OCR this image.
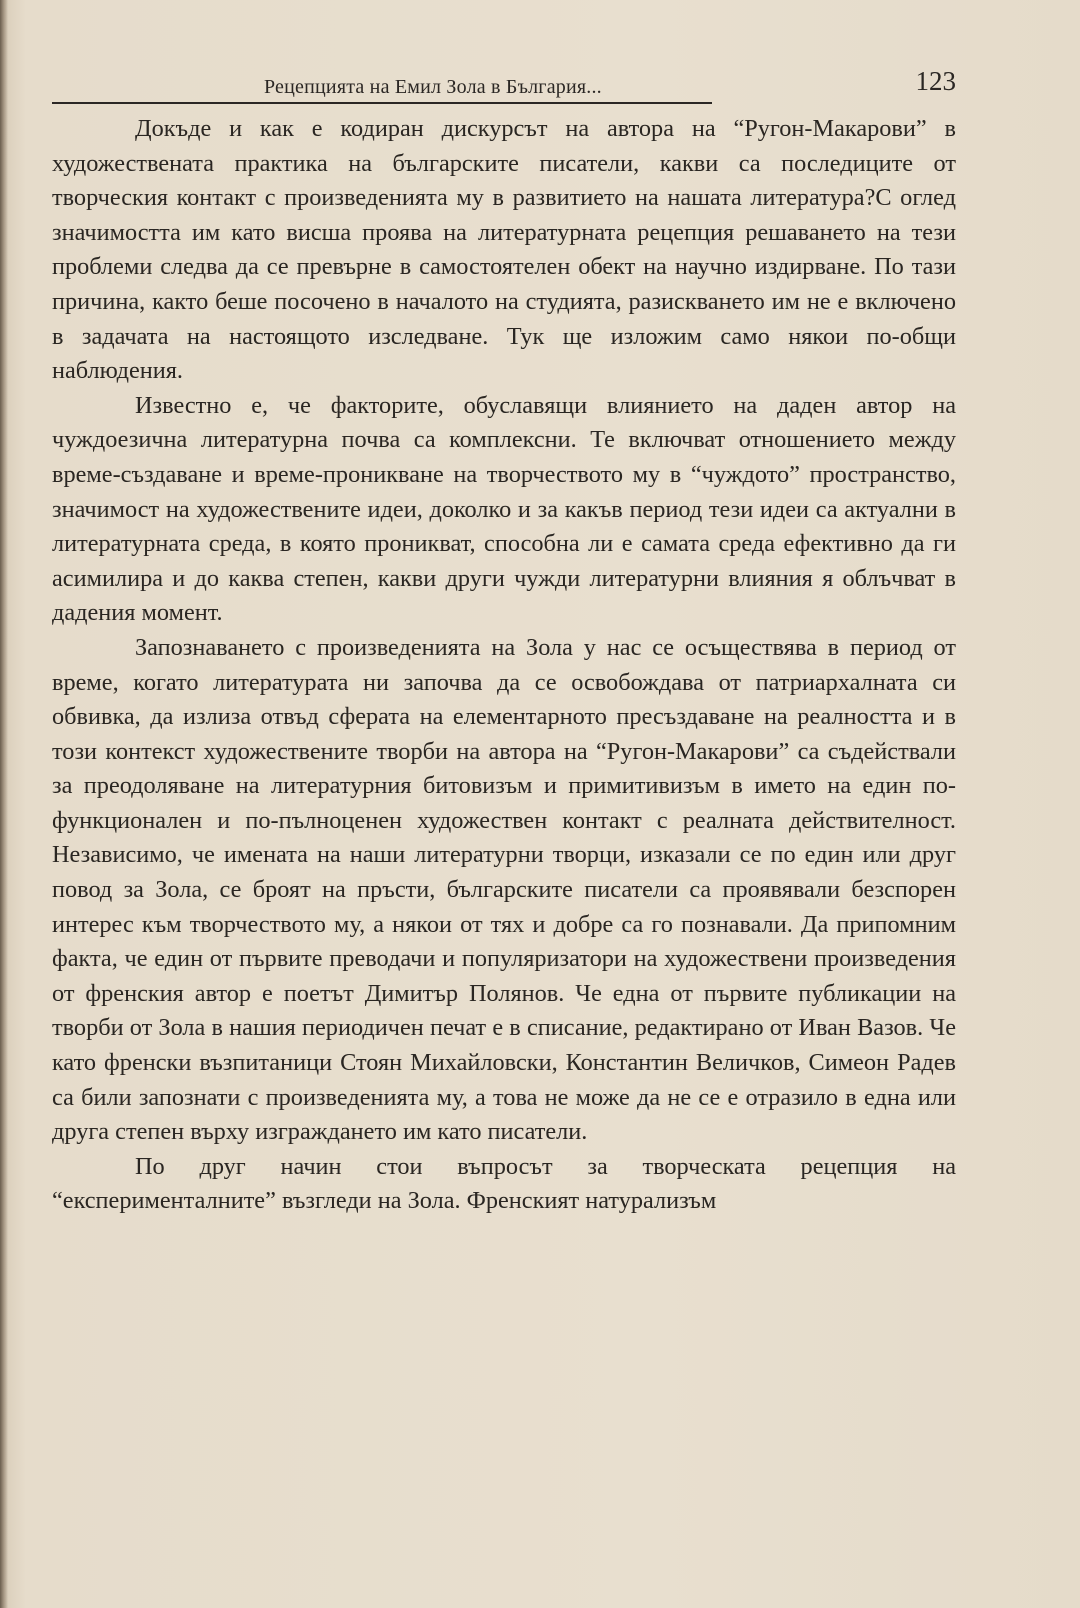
Рецепцията на Емил Зола в България...	123

Докъде и как е кодиран дискурсът на автора на “Ругон-Макарови” в художествената практика на българските писатели, какви са последиците от творческия контакт с произведенията му в развитието на нашата литература?С оглед значимостта им като висша проява на литературната рецепция решаването на тези проблеми следва да се превърне в самостоятелен обект на научно издирване. По тази причина, както беше посочено в началото на студията, разискването им не е включено в задачата на настоящото изследване. Тук ще изложим само някои по-общи наблюдения.

Известно е, че факторите, обуславящи влиянието на даден автор на чуждоезична литературна почва са комплексни. Те включват отношението между време-създаване и време-проникване на творчеството му в “чуждото” пространство, значимост на художествените идеи, доколко и за какъв период тези идеи са актуални в литературната среда, в която проникват, способна ли е самата среда ефективно да ги асимилира и до каква степен, какви други чужди литературни влияния я облъчват в дадения момент.

Запознаването с произведенията на Зола у нас се осъществява в период от време, когато литературата ни започва да се освобождава от патриархалната си обвивка, да излиза отвъд сферата на елементарното пресъздаване на реалността и в този контекст художествените творби на автора на “Ругон-Макарови” са съдействали за преодоляване на литературния битовизъм и примитивизъм в името на един по-функционален и по-пълноценен художествен контакт с реалната действителност. Независимо, че имената на наши литературни творци, изказали се по един или друг повод за Зола, се броят на пръсти, българските писатели са проявявали безспорен интерес към творчеството му, а някои от тях и добре са го познавали. Да припомним факта, че един от първите преводачи и популяризатори на художествени произведения от френския автор е поетът Димитър Полянов. Че една от първите публикации на творби от Зола в нашия периодичен печат е в списание, редактирано от Иван Вазов. Че като френски възпитаници Стоян Михайловски, Константин Величков, Симеон Радев са били запознати с произведенията му, а това не може да не се е отразило в една или друга степен върху изграждането им като писатели.

По друг начин стои въпросът за творческата рецепция на “експерименталните” възгледи на Зола. Френският натурализъм
